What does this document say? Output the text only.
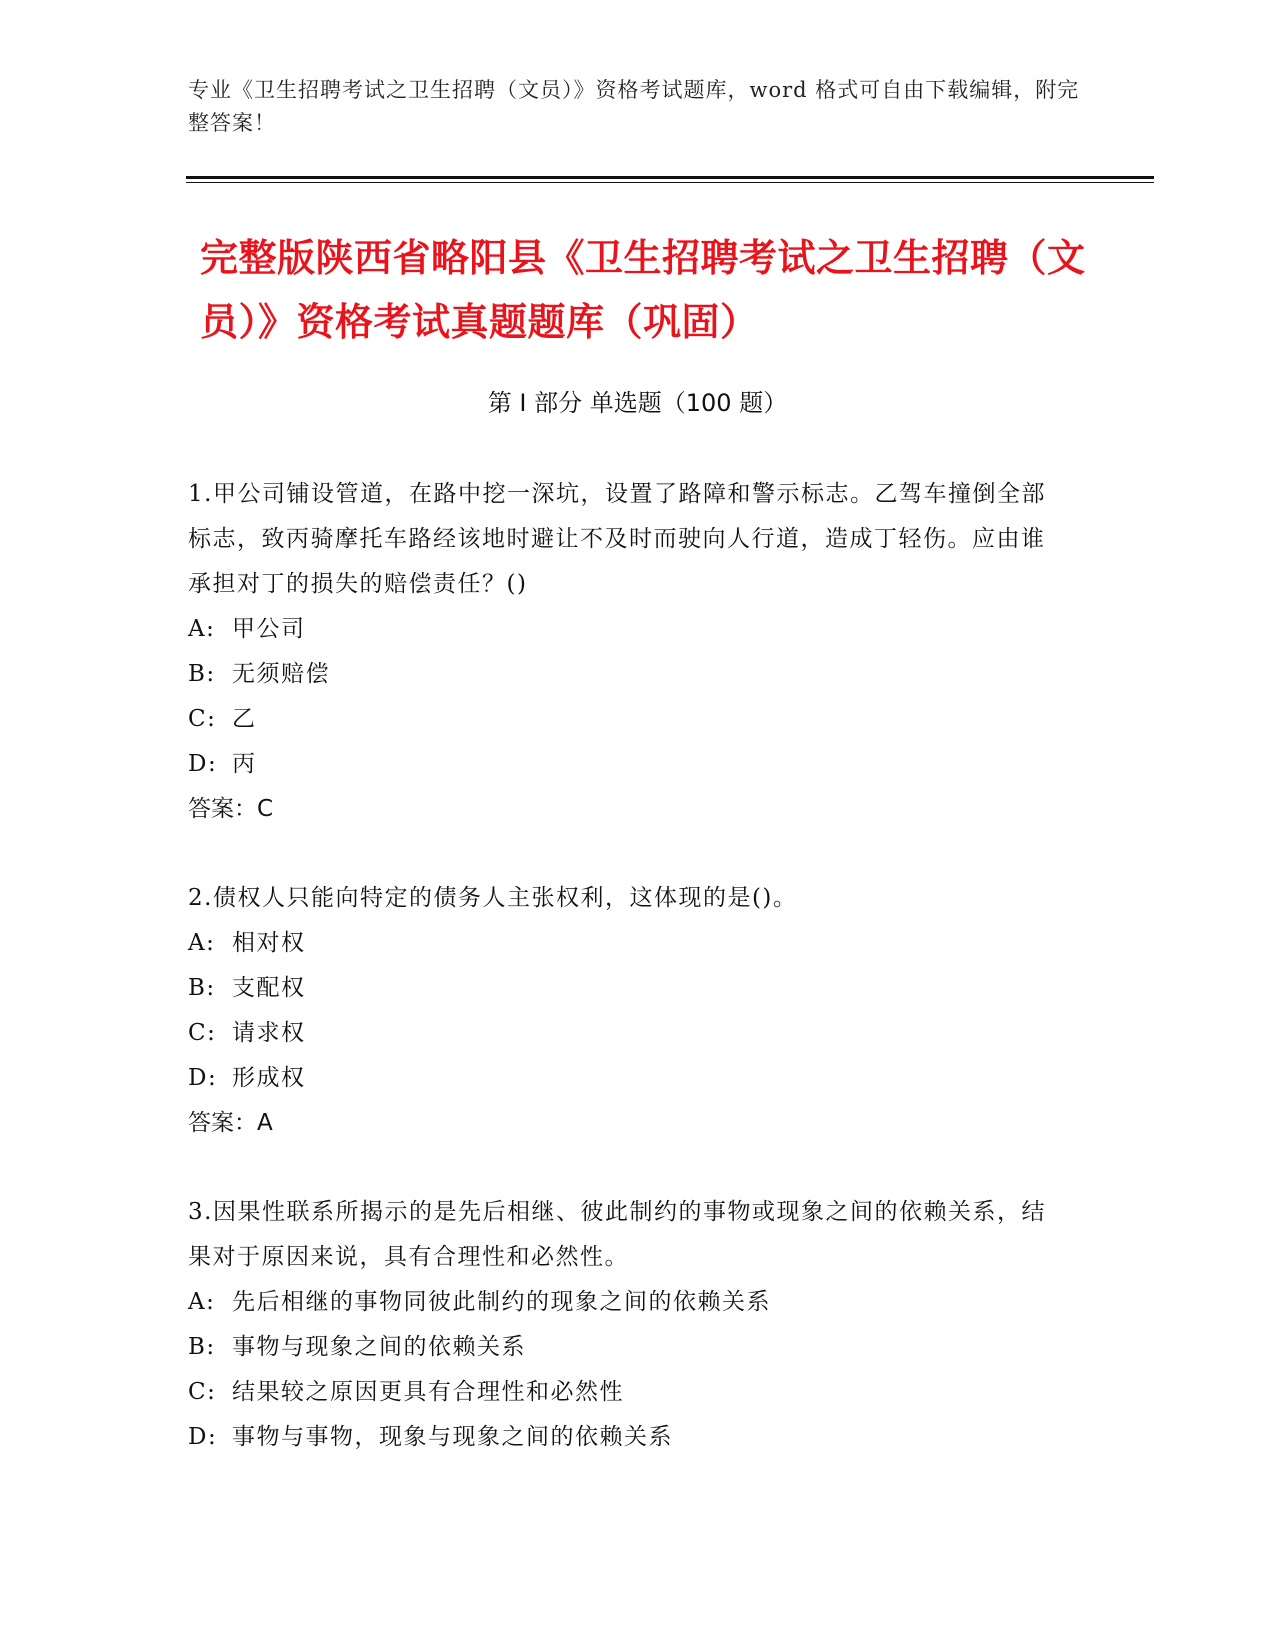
专业《卫生招聘考试之卫生招聘（文员）》资格考试题库，word 格式可自由下载编辑，附完整答案！
完整版陕西省略阳县《卫生招聘考试之卫生招聘（文员）》资格考试真题题库（巩固）
第 I 部分 单选题（100 题）
1.甲公司铺设管道，在路中挖一深坑，设置了路障和警示标志。乙驾车撞倒全部标志，致丙骑摩托车路经该地时避让不及时而驶向人行道，造成丁轻伤。应由谁承担对丁的损失的赔偿责任？()
A: 甲公司
B: 无须赔偿
C: 乙
D: 丙
答案：C
2.债权人只能向特定的债务人主张权利，这体现的是()。
A: 相对权
B: 支配权
C: 请求权
D: 形成权
答案：A
3.因果性联系所揭示的是先后相继、彼此制约的事物或现象之间的依赖关系，结果对于原因来说，具有合理性和必然性。
A: 先后相继的事物同彼此制约的现象之间的依赖关系
B: 事物与现象之间的依赖关系
C: 结果较之原因更具有合理性和必然性
D: 事物与事物，现象与现象之间的依赖关系
